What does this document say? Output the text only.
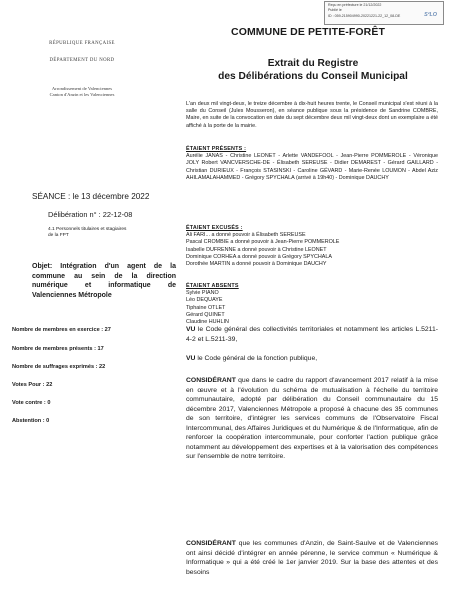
Reçu en préfecture le 21/12/2022
Publié le
ID : 059-215904990-20221221-22_12_08-DE	S²LO
COMMUNE DE PETITE-FORÊT
Extrait du Registre
des Délibérations du Conseil Municipal
RÉPUBLIQUE FRANÇAISE
DÉPARTEMENT DU NORD
Arrondissement de Valenciennes
Canton d'Anzin et les Valenciennes
L'an deux mil vingt-deux, le treize décembre à dix-huit heures trente, le Conseil municipal s'est réuni à la salle du Conseil (Jules Mousseron), en séance publique sous la présidence de Sandrine COMBRE, Maire, en suite de la convocation en date du sept décembre deux mil vingt-deux dont un exemplaire a été affiché à la porte de la mairie.
ÉTAIENT PRÉSENTS :
Aurélie JANAS - Christine LEONET - Arlette VANDEFOOL - Jean-Pierre POMMEROLE - Véronique JOLY Robert VANCVERSCHE-DE - Élisabeth SEREUSE - Didier DEMAREST - Gérard GAILLARD - Christian DURIEUX - François STASINSKI - Caroline GÉVARD - Marie-Renée LOUMON - Abdel Aziz AHILAMALAHAMMED - Grégory SPYCHALA (arrivé à 19h40) - Dominique DAUCHY
ÉTAIENT EXCUSÉS :
Ali FARI... a donné pouvoir à Élisabeth SEREUSE
Pascal CROMBIE a donné pouvoir à Jean-Pierre POMMEROLE
Isabelle DUFRENNE a donné pouvoir à Christine LEONET
Dominique CORHEA a donné pouvoir à Grégory SPYCHALA
Dorothée MARTIN a donné pouvoir à Dominique DAUCHY
ÉTAIENT ABSENTS
Sylvie PIANO
Léo DEQUAYE
Tiphaine OTLET
Gérard QUINET
Claudine HUHLIN
SÉANCE : le 13 décembre 2022
Délibération n° : 22-12-08
4.1 Personnels titulaires et stagiaires
de la FPT
Objet: Intégration d'un agent de la commune au sein de la direction numérique et informatique de Valenciennes Métropole
Nombre de membres en exercice : 27
Nombre de membres présents : 17
Nombre de suffrages exprimés : 22
Votes Pour : 22
Vote contre : 0
Abstention : 0
VU le Code général des collectivités territoriales et notamment les articles L.5211-4-2 et L.5211-39,
VU le Code général de la fonction publique,
CONSIDÉRANT que dans le cadre du rapport d'avancement 2017 relatif à la mise en œuvre et à l'évolution du schéma de mutualisation à l'échelle du territoire communautaire, adopté par délibération du Conseil communautaire du 15 décembre 2017, Valenciennes Métropole a proposé à chacune des 35 communes de son territoire, d'intégrer les services communs de l'Observatoire Fiscal Intercommunal, des Affaires Juridiques et du Numérique & de l'Informatique, afin de renforcer la coopération intercommunale, pour conforter l'action publique grâce notamment au développement des expertises et à la valorisation des compétences sur l'ensemble de notre territoire.
CONSIDÉRANT que les communes d'Anzin, de Saint-Saulve et de Valenciennes ont ainsi décidé d'intégrer en année pérenne, le service commun « Numérique & Informatique » qui a été créé le 1er janvier 2019. Sur la base des attentes et des besoins
